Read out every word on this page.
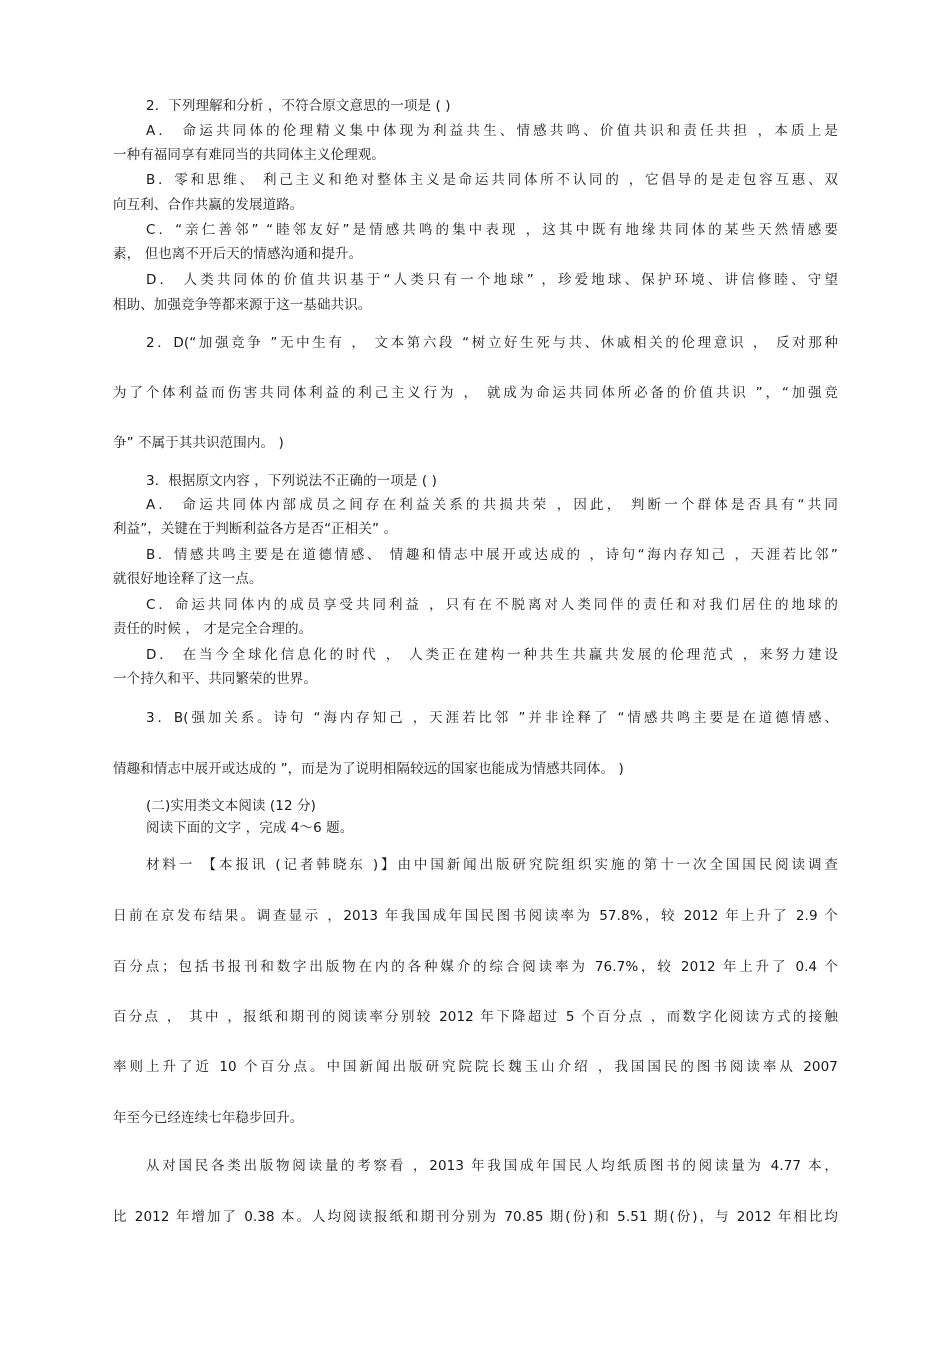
2．下列理解和分析 ，不符合原文意思的一项是 ( )
A． 命运共同体的伦理精义集中体现为利益共生、情感共鸣、价值共识和责任共担 ，本质上是
一种有福同享有难同当的共同体主义伦理观。
B．零和思维、 利己主义和绝对整体主义是命运共同体所不认同的 ，它倡导的是走包容互惠、双
向互利、合作共赢的发展道路。
C．“亲仁善邻” “睦邻友好”是情感共鸣的集中表现 ，这其中既有地缘共同体的某些天然情感要
素， 但也离不开后天的情感沟通和提升。
D． 人类共同体的价值共识基于“人类只有一个地球” ，珍爱地球、保护环境、讲信修睦、守望
相助、加强竞争等都来源于这一基础共识。
2．D(“加强竞争 ”无中生有 ， 文本第六段 “树立好生死与共、休戚相关的伦理意识 ， 反对那种
为了个体利益而伤害共同体利益的利己主义行为 ， 就成为命运共同体所必备的价值共识 ”，“加强竞
争” 不属于其共识范围内。 )
3．根据原文内容 ，下列说法不正确的一项是 ( )
A． 命运共同体内部成员之间存在利益关系的共损共荣 ，因此， 判断一个群体是否具有“共同
利益”，关键在于判断利益各方是否“正相关” 。
B．情感共鸣主要是在道德情感、 情趣和情志中展开或达成的 ，诗句“海内存知己 ，天涯若比邻”
就很好地诠释了这一点。
C．命运共同体内的成员享受共同利益 ，只有在不脱离对人类同伴的责任和对我们居住的地球的
责任的时候 ， 才是完全合理的。
D． 在当今全球化信息化的时代 ， 人类正在建构一种共生共赢共发展的伦理范式 ，来努力建设
一个持久和平、共同繁荣的世界。
3．B(强加关系。诗句 “海内存知己 ，天涯若比邻 ”并非诠释了 “情感共鸣主要是在道德情感、
情趣和情志中展开或达成的 ”，而是为了说明相隔较远的国家也能成为情感共同体。 )
(二)实用类文本阅读 (12 分)
阅读下面的文字 ，完成 4～6 题。
材料一 【本报讯 (记者韩晓东 )】由中国新闻出版研究院组织实施的第十一次全国国民阅读调查
日前在京发布结果。调查显示 ，2013 年我国成年国民图书阅读率为 57.8%，较 2012 年上升了 2.9 个
百分点；包括书报刊和数字出版物在内的各种媒介的综合阅读率为 76.7%，较 2012 年上升了 0.4 个
百分点 ， 其中 ，报纸和期刊的阅读率分别较 2012 年下降超过 5 个百分点 ，而数字化阅读方式的接触
率则上升了近 10 个百分点。中国新闻出版研究院院长魏玉山介绍 ，我国国民的图书阅读率从 2007
年至今已经连续七年稳步回升。
从对国民各类出版物阅读量的考察看 ，2013 年我国成年国民人均纸质图书的阅读量为 4.77 本，
比 2012 年增加了 0.38 本。人均阅读报纸和期刊分别为 70.85 期(份)和 5.51 期(份)，与 2012 年相比均
